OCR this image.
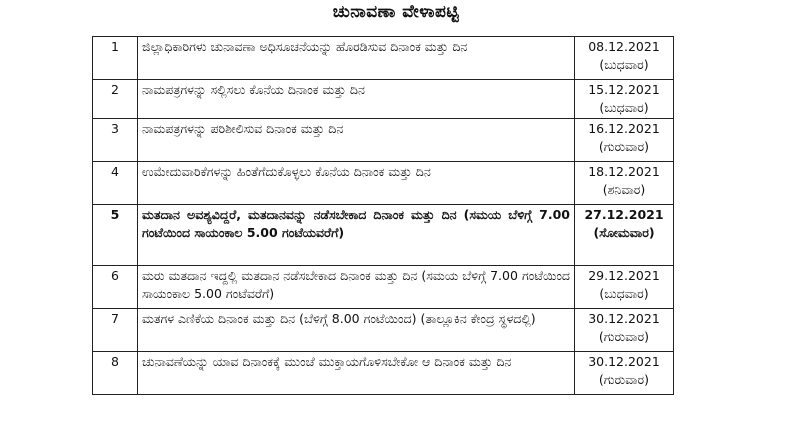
ಚುನಾವಣಾ ವೇಳಾಪಟ್ಟಿ
1	ಜಿಲ್ಲಾಧಿಕಾರಿಗಳು ಚುನಾವಣಾ ಅಧಿಸೂಚನೆಯನ್ನು ಹೊರಡಿಸುವ ದಿನಾಂಕ ಮತ್ತು ದಿನ	08.12.2021
(ಬುಧವಾರ)

2	ನಾಮಪತ್ರಗಳನ್ನು ಸಲ್ಲಿಸಲು ಕೊನೆಯ ದಿನಾಂಕ ಮತ್ತು ದಿನ	15.12.2021
(ಬುಧವಾರ)

3	ನಾಮಪತ್ರಗಳನ್ನು ಪರಿಶೀಲಿಸುವ ದಿನಾಂಕ ಮತ್ತು ದಿನ	16.12.2021
(ಗುರುವಾರ)

4	ಉಮೇದುವಾರಿಕೆಗಳನ್ನು ಹಿಂತೆಗೆದುಕೊಳ್ಳಲು ಕೊನೆಯ ದಿನಾಂಕ ಮತ್ತು ದಿನ	18.12.2021
(ಶನಿವಾರ)

5	ಮತದಾನ ಅವಶ್ಯವಿದ್ದರೆ, ಮತದಾನವನ್ನು ನಡೆಸಬೇಕಾದ ದಿನಾಂಕ ಮತ್ತು ದಿನ (ಸಮಯ ಬೆಳಿಗ್ಗೆ 7.00 ಗಂಟೆಯಿಂದ ಸಾಯಂಕಾಲ 5.00 ಗಂಟೆಯವರೆಗೆ)	27.12.2021
(ಸೋಮವಾರ)

6	ಮರು ಮತದಾನ ಇದ್ದಲ್ಲಿ ಮತದಾನ ನಡೆಸಬೇಕಾದ ದಿನಾಂಕ ಮತ್ತು ದಿನ (ಸಮಯ ಬೆಳಿಗ್ಗೆ 7.00 ಗಂಟೆಯಿಂದ ಸಾಯಂಕಾಲ 5.00 ಗಂಟೆವರೆಗೆ)	29.12.2021
(ಬುಧವಾರ)

7	ಮತಗಳ ಎಣಿಕೆಯ ದಿನಾಂಕ ಮತ್ತು ದಿನ (ಬೆಳಿಗ್ಗೆ 8.00 ಗಂಟೆಯಿಂದ) (ತಾಲ್ಲೂಕಿನ ಕೇಂದ್ರ ಸ್ಥಳದಲ್ಲಿ)	30.12.2021
(ಗುರುವಾರ)

8	ಚುನಾವಣೆಯನ್ನು ಯಾವ ದಿನಾಂಕಕ್ಕೆ ಮುಂಚೆ ಮುಕ್ತಾಯಗೊಳಿಸಬೇಕೋ ಆ ದಿನಾಂಕ ಮತ್ತು ದಿನ	30.12.2021
(ಗುರುವಾರ)
